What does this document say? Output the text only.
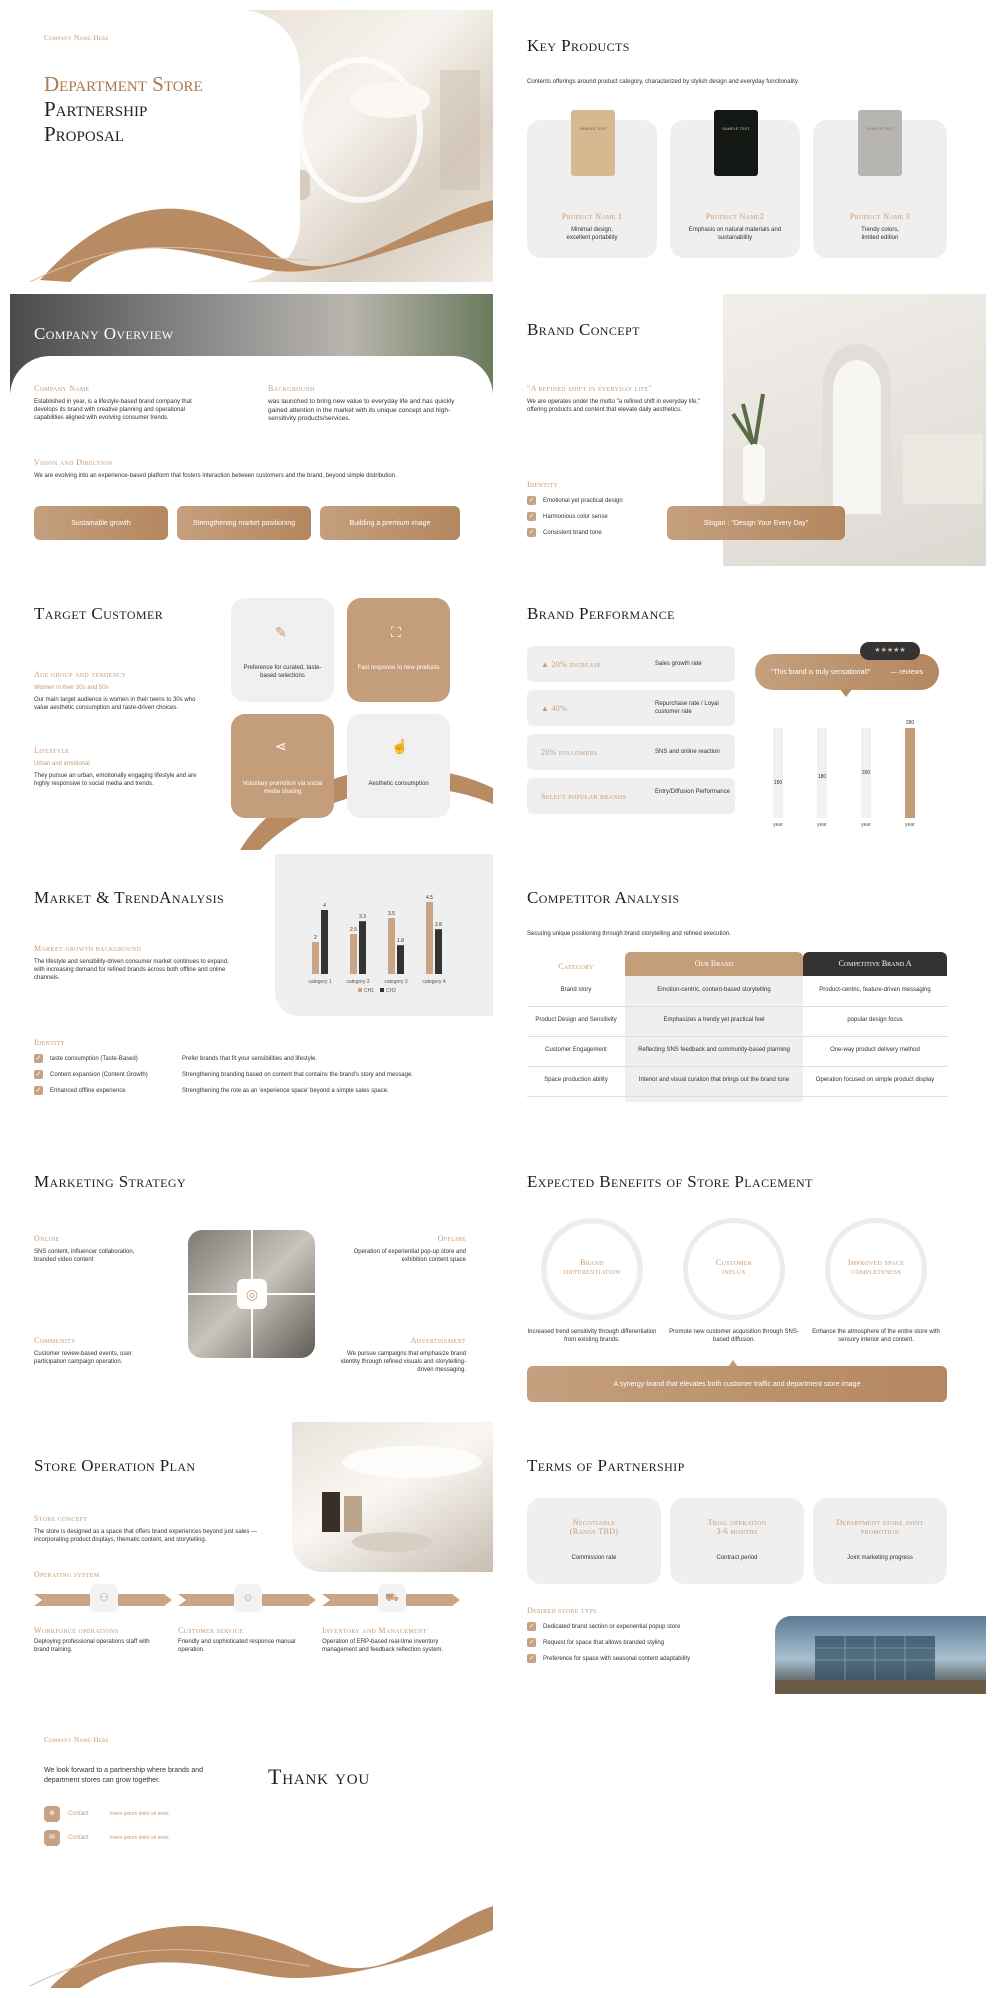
Company Name Here
Department Store
Partnership
Proposal
Key Products
Contents offerings around product category, characterized by stylish design and everyday functionality.
SAMPLE TEXT
Product Name 1
Minimal design,
excellent portability
SAMPLE TEXT
Product Name2
Emphasis on natural materials and
sustainability
SAMPLE TEXT
Product Name 3
Trendy colors,
limited edition
Company Overview
Company Name
Established in year, is a lifestyle-based brand company that develops its brand with creative planning and operational capabilities aligned with evolving consumer trends.
Background
was launched to bring new value to everyday life and has quickly gained attention in the market with its unique concept and high-sensitivity products/services.
Vision and Direction
We are evolving into an experience-based platform that fosters interaction between customers and the brand, beyond simple distribution.
Sustainable growth	Strengthening market positioning	Building a premium image
Brand Concept
"A refined shift in everyday life"
We are operates under the motto "a refined shift in everyday life," offering products and content that elevate daily aesthetics.
Identity
✓ Emotional yet practical design
✓ Harmonious color sense
✓ Consistent brand tone
Slogan : "Design Your Every Day"
Target Customer
Age group and tendency
Women in their 30s and 50s
Our main target audience is women in their teens to 30s who value aesthetic consumption and taste-driven choices.
Lifestyle
Urban and emotional
They pursue an urban, emotionally engaging lifestyle and are highly responsive to social media and trends.
✎
Preference for curated, taste-based selections
⛶
Fast response to new products
⋖
Voluntary promotion via social media sharing
☝
Aesthetic consumption
Brand Performance
▲ 20% increase	Sales growth rate
▲ 40%	Repurchase rate / Loyal customer rate
20% followers	SNS and online reaction
Select popular brands	Entry/Diffusion Performance
"This brand is truly sensational!"	— reviews
★★★★★
150
year
180
year
200
year
280
year
Market & TrendAnalysis
Market growth background
The lifestyle and sensibility-driven consumer market continues to expand, with increasing demand for refined brands across both offline and online channels.
2
4
category 1
2.5
3.3
category 2
3.5
1.8
category 3
4.5
2.8
category 4
CH1 CH2
Identity
✓ taste consumption (Taste-Based)	Prefer brands that fit your sensibilities and lifestyle.
✓ Content expansion (Content Growth)	Strengthening branding based on content that contains the brand's story and message.
✓ Enhanced offline experience	Strengthening the role as an 'experience space' beyond a simple sales space.
Competitor Analysis
Securing unique positioning through brand storytelling and refined execution.
Category	Our Brand	Competitive Brand A
Brand story	Emotion-centric, content-based storytelling	Product-centric, feature-driven messaging
Product Design and Sensitivity	Emphasizes a trendy yet practical feel	popular design focus
Customer Engagement	Reflecting SNS feedback and community-based planning	One-way product delivery method
Space production ability	Interior and visual curation that brings out the brand tone	Operation focused on simple product display
Marketing Strategy
Online
SNS content, influencer collaboration, branded video content
Offline
Operation of experiential pop-up store and exhibition content space
Community
Customer review-based events, user participation campaign operation.
Advertisement
We pursue campaigns that emphasize brand identity through refined visuals and storytelling-driven messaging.
◎
Expected Benefits of Store Placement
Brand
differentiation
Increased trend sensitivity through differentiation from existing brands.
Customer
influx
Promote new customer acquisition through SNS-based diffusion.
Improved space
completeness
Enhance the atmosphere of the entire store with sensory interior and content.
A synergy brand that elevates both customer traffic and department store image
Store Operation Plan
Store concept
The store is designed as a space that offers brand experiences beyond just sales — incorporating product displays, thematic content, and storytelling.
Operating system
⚇	☺	⛟
Workforce operations
Deploying professional operations staff with brand training.
Customer service
Friendly and sophisticated response manual operation.
Inventory and Management
Operation of ERP-based real-time inventory management and feedback reflection system.
Terms of Partnership
Negotiable
(Range TBD)
Commission rate
Trial operation
3-6 months
Contract period
Department store joint
promotion
Joint marketing progress
Desired store type
✓ Dedicated brand section or experiential popup store
✓ Request for space that allows branded styling
✓ Preference for space with seasonal content adaptability
Company Name Here
We look forward to a partnership where brands and department stores can grow together.	Thank you
⊕	Contact	lorem ipsum dolor sit amet
✉	Contact	lorem ipsum dolor sit amet
